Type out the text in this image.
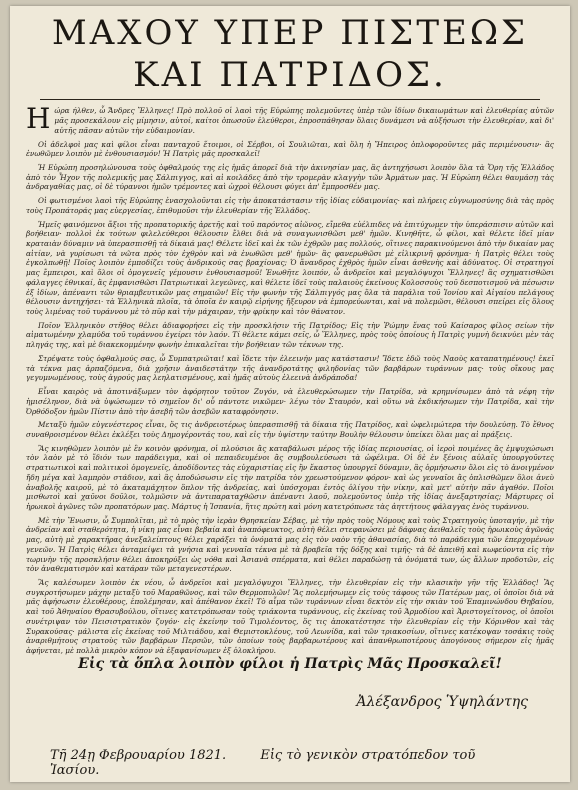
ΜΑΧΟΥ ΥΠΕΡ ΠΙΣΤΕΩΣ
ΚΑΙ ΠΑΤΡΙΔΟΣ.

Ηώρα ήλθεν, ὦ Ἄνδρες Ἕλληνες! Πρὸ πολλοῦ οἱ λαοὶ τῆς Εὐρώπης πολεμοῦντες ὑπὲρ τῶν ἰδίων δικαιωμάτων καὶ ἐλευθερίας αὐτῶν μᾶς προσεκάλουν εἰς μίμησιν, αὐτοί, καίτοι ὁπωσοῦν ἐλεύθεροι, ἐπροσπάθησαν ὅλαις δυνάμεσι νὰ αὐξήσωσι τὴν ἐλευθερίαν, καὶ δι' αὐτῆς πᾶσαν αὐτῶν τὴν εὐδαιμονίαν.

Οἱ ἀδελφοὶ μας καὶ φίλοι εἶναι πανταχοῦ ἕτοιμοι, οἱ Σέρβοι, οἱ Σουλιῶται, καὶ ὅλη ἡ Ἤπειρος ὁπλοφοροῦντες μᾶς περιμένουσιν· ἂς ἑνωθῶμεν λοιπὸν μὲ ἐνθουσιασμόν! Ἡ Πατρὶς μᾶς προσκαλεῖ!

Ἡ Εὐρώπη προσηλώνουσα τοὺς ὀφθαλμούς της εἰς ἡμᾶς ἀπορεῖ διὰ τὴν ἀκινησίαν μας, ἂς ἀντηχήσωσι λοιπὸν ὅλα τὰ Ὄρη τῆς Ἑλλάδος ἀπὸ τὸν Ἦχον τῆς πολεμικῆς μας Σάλπιγγος, καὶ αἱ κοιλάδες ἀπὸ τὴν τρομερὰν κλαγγὴν τῶν Ἀρμάτων μας. Ἡ Εὐρώπη θέλει θαυμάσῃ τὰς ἀνδραγαθίας μας, οἱ δὲ τύραννοι ἡμῶν τρέμοντες καὶ ὠχροὶ θέλουσι φύγει ἀπ' ἔμπροσθέν μας.

Οἱ φωτισμένοι λαοὶ τῆς Εὐρώπης ἐνασχολοῦνται εἰς τὴν ἀποκατάστασιν τῆς ἰδίας εὐδαιμονίας· καὶ πλήρεις εὐγνωμοσύνης διὰ τὰς πρὸς τοὺς Προπάτοράς μας εὐεργεσίας, ἐπιθυμοῦσι τὴν ἐλευθερίαν τῆς Ἑλλάδος.

Ἡμεῖς φαινόμενοι ἄξιοι τῆς προπατορικῆς ἀρετῆς καὶ τοῦ παρόντος αἰῶνος, εἴμεθα εὐέλπιδες νὰ ἐπιτύχωμεν τὴν ὑπεράσπισιν αὐτῶν καὶ βοήθειαν· πολλοὶ ἐκ τούτων φιλελεύθεροι θέλουσιν ἔλθει διὰ νὰ συναγωνισθῶσι μεθ' ἡμῶν. Κινηθῆτε, ὦ φίλοι, καὶ θέλετε ἰδεῖ μίαν κραταιὰν δύναμιν νὰ ὑπερασπισθῇ τὰ δίκαιά μας! Θέλετε ἰδεῖ καὶ ἐκ τῶν ἐχθρῶν μας πολλούς, οἵτινες παρακινούμενοι ἀπὸ τὴν δικαίαν μας αἰτίαν, νὰ γυρίσωσι τὰ νῶτα πρὸς τὸν ἐχθρὸν καὶ νὰ ἑνωθῶσι μεθ' ἡμῶν· ἂς φανερωθῶσι μὲ εἰλικρινῆ φρόνημα· ἡ Πατρὶς θέλει τοὺς ἐγκολπωθῇ! Ποῖος λοιπὸν ἐμποδίζει τοὺς ἀνδρικούς σας βραχίονας; Ὁ ἄνανδρος ἐχθρὸς ἡμῶν εἶναι ἀσθενὴς καὶ ἀδύνατος. Οἱ στρατηγοί μας ἔμπειροι, καὶ ὅλοι οἱ ὁμογενεῖς γέμουσιν ἐνθουσιασμοῦ! Ἑνωθῆτε λοιπόν, ὦ ἀνδρεῖοι καὶ μεγαλόψυχοι Ἕλληνες! ἂς σχηματισθῶσι φάλαγγες ἐθνικαί, ἂς ἐμφανισθῶσι Πατριωτικαὶ λεγεῶνες, καὶ θέλετε ἰδεῖ τοὺς παλαιοὺς ἐκείνους Κολοσσοὺς τοῦ δεσποτισμοῦ νὰ πέσωσιν ἐξ ἰδίων, ἀπέναντι τῶν θριαμβευτικῶν μας σημαιῶν! Εἰς τὴν φωνὴν τῆς Σάλπιγγός μας ὅλα τὰ παράλια τοῦ Ἰονίου καὶ Αἰγαίου πελάγους θέλουσιν ἀντηχήσει· τὰ Ἑλληνικὰ πλοῖα, τὰ ὁποῖα ἐν καιρῷ εἰρήνης ἤξευρον νὰ ἐμπορεύωνται, καὶ νὰ πολεμῶσι, θέλουσι σπείρει εἰς ὅλους τοὺς λιμένας τοῦ τυράννου μὲ τὸ πῦρ καὶ τὴν μάχαιραν, τὴν φρίκην καὶ τὸν θάνατον.

Ποῖον Ἑλληνικὸν στῆθος θέλει ἀδιαφορήσει εἰς τὴν προσκλήσιν τῆς Πατρίδος; Εἰς τὴν Ῥώμην ἕνας τοῦ Καίσαρος φίλος σείων τὴν αἱματωμένην χλαμύδα τοῦ τυράννου ἐγείρει τὸν λαόν. Τί θέλετε κάμει σεῖς, ὦ Ἕλληνες, πρὸς τοὺς ὁποίους ἡ Πατρὶς γυμνὴ δεικνύει μὲν τὰς πληγάς της, καὶ μὲ διακεκομμένην φωνὴν ἐπικαλεῖται τὴν βοήθειαν τῶν τέκνων της.

Στρέψατε τοὺς ὀφθαλμούς σας, ὦ Συμπατριῶται! καὶ ἴδετε τὴν ἐλεεινήν μας κατάστασιν! Ἴδετε ἐδῶ τοὺς Ναοὺς καταπατημένους! ἐκεῖ τὰ τέκνα μας ἁρπαζόμενα, διὰ χρῆσιν ἀναιδεστάτην τῆς ἀνανδροτάτης φιληδονίας τῶν βαρβάρων τυράννων μας· τοὺς οἴκους μας γεγυμνωμένους, τοὺς ἀγρούς μας λεηλατισμένους, καὶ ἡμᾶς αὐτοὺς ἐλεεινὰ ἀνδράποδα!

Εἶναι καιρὸς νὰ ἀποτινάξωμεν τὸν ἀφόρητον τοῦτον Ζυγόν, νὰ ἐλευθερώσωμεν τὴν Πατρίδα, νὰ κρημνίσωμεν ἀπὸ τὰ νέφη τὴν ἡμισέληνον, διὰ νὰ ὑψώσωμεν τὸ σημεῖον δι' οὗ πάντοτε νικῶμεν· λέγω τὸν Σταυρόν, καὶ οὕτω νὰ ἐκδικήσωμεν τὴν Πατρίδα, καὶ τὴν Ὀρθόδοξον ἡμῶν Πίστιν ἀπὸ τὴν ἀσεβῆ τῶν ἀσεβῶν καταφρόνησιν.

Μεταξὺ ἡμῶν εὐγενέστερος εἶναι, ὅς τις ἀνδρειοτέρως ὑπερασπισθῇ τὰ δίκαια τῆς Πατρίδος, καὶ ὠφελιμώτερα τὴν δουλεύσῃ. Τὸ ἔθνος συναθροισμένον θέλει ἐκλέξει τοὺς Δημογέροντάς του, καὶ εἰς τὴν ὑψίστην ταύτην Βουλὴν θέλουσιν ὑπείκει ὅλαι μας αἱ πράξεις.

Ἂς κινηθῶμεν λοιπὸν μὲ ἓν κοινὸν φρόνημα, οἱ πλούσιοι ἂς καταβάλωσι μέρος τῆς ἰδίας περιουσίας, οἱ ἱεροὶ ποιμένες ἂς ἐμψυχώσωσι τὸν λαὸν μὲ τὸ ἴδιόν των παράδειγμα, καὶ οἱ πεπαιδευμένοι ἂς συμβουλεύσωσι τὰ ὠφέλιμα. Οἱ δὲ ἐν ξένοις αὐλαῖς ὑπουργοῦντες στρατιωτικοὶ καὶ πολιτικοὶ ὁμογενεῖς, ἀποδίδοντες τὰς εὐχαριστίας εἰς ἣν ἕκαστος ὑπουργεῖ δύναμιν, ἂς ὁρμήσωσιν ὅλοι εἰς τὸ ἀνοιγμένον ἤδη μέγα καὶ λαμπρὸν στάδιον, καὶ ἂς ἀποδώσωσιν εἰς τὴν πατρίδα τὸν χρεωστούμενον φόρον· καὶ ὡς γενναῖοι ἂς ὁπλισθῶμεν ὅλοι ἀνεὺ ἀναβολῆς καιροῦ, μὲ τὸ ἀκαταμάχητον ὅπλον τῆς ἀνδρείας, καὶ ὑπόσχομαι ἐντὸς ὀλίγου τὴν νίκην, καὶ μετ' αὐτὴν πᾶν ἀγαθόν. Ποῖοι μισθωτοὶ καὶ χαῦνοι δοῦλοι, τολμῶσιν νὰ ἀντιπαραταχθῶσιν ἀπέναντι λαοῦ, πολεμοῦντος ὑπὲρ τῆς ἰδίας ἀνεξαρτησίας; Μάρτυρες οἱ ἡρωικοὶ ἀγῶνες τῶν προπατόρων μας. Μάρτυς ἡ Ἱσπανία, ἥτις πρώτη καὶ μόνη κατετρόπωσε τὰς ἀηττήτους φάλαγγας ἑνὸς τυράννου.

Μὲ τὴν Ἕνωσιν, ὦ Συμπολῖται, μὲ τὸ πρὸς τὴν ἱερὰν Θρησκείαν Σέβας, μὲ τὴν πρὸς τοὺς Νόμους καὶ τοὺς Στρατηγοὺς ὑποταγήν, μὲ τὴν ἀνδρείαν καὶ σταθερότητα, ἡ νίκη μας εἶναι βεβαία καὶ ἀναπόφευκτος, αὐτὴ θέλει στεφανώσει μὲ δάφνας ἀειθαλεῖς τοὺς ἡρωικοὺς ἀγῶνάς μας, αὐτὴ μὲ χαρακτῆρας ἀνεξαλείπτους θέλει χαράξει τὰ ὀνόματά μας εἰς τὸν ναὸν τῆς ἀθανασίας, διὰ τὸ παράδειγμα τῶν ἐπερχομένων γενεῶν. Ἡ Πατρὶς θέλει ἀνταμείψει τὰ γνήσια καὶ γενναῖα τέκνα μὲ τὰ βραβεῖα τῆς δόξης καὶ τιμῆς· τὰ δὲ ἀπειθῆ καὶ κωφεύοντα εἰς τὴν τωρινὴν τῆς προσκλήσιν θέλει ἀποκηρύξει ὡς νόθα καὶ Ἀσιανὰ σπέρματα, καὶ θέλει παραδώσῃ τὰ ὀνόματά των, ὡς ἄλλων προδοτῶν, εἰς τὸν ἀναθεματισμὸν καὶ κατάραν τῶν μεταγενεστέρων.

Ἂς καλέσωμεν λοιπὸν ἐκ νέου, ὦ ἀνδρεῖοι καὶ μεγαλόψυχοι Ἕλληνες, τὴν ἐλευθερίαν εἰς τὴν κλασικὴν γῆν τῆς Ἑλλάδος! Ἂς συγκροτήσωμεν μάχην μεταξὺ τοῦ Μαραθῶνος, καὶ τῶν Θερμοπυλῶν! Ἂς πολεμήσωμεν εἰς τοὺς τάφους τῶν Πατέρων μας, οἱ ὁποῖοι διὰ νὰ μᾶς ἀφήσωσιν ἐλευθέρους, ἐπολέμησαν, καὶ ἀπέθανον ἐκεῖ! Τὸ αἷμα τῶν τυράννων εἶναι δεκτὸν εἰς τὴν σκιὰν τοῦ Ἐπαμινώνδου Θηβαίου, καὶ τοῦ Ἀθηναίου Θρασυβούλου, οἵτινες κατετρόπωσαν τοὺς τριάκοντα τυράννους, εἰς ἐκείνας τοῦ Ἁρμοδίου καὶ Ἀριστογείτονος, οἱ ὁποῖοι συνέτριψαν τὸν Πεισιστρατικὸν ζυγόν· εἰς ἐκείνην τοῦ Τιμολέοντος, ὅς τις ἀποκατέστησε τὴν ἐλευθερίαν εἰς τὴν Κόρινθον καὶ τὰς Συρακούσας· μάλιστα εἰς ἐκείνας τοῦ Μιλτιάδου, καὶ Θεμιστοκλέους, τοῦ Λεωνίδα, καὶ τῶν τριακοσίων, οἵτινες κατέκοψαν τοσάκις τοὺς ἀναριθμήτους στρατοὺς τῶν βαρβάρων Περσῶν, τῶν ὁποίων τοὺς βαρβαρωτέρους καὶ ἀπανθρωποτέρους ἀπογόνους σήμερον εἰς ἡμᾶς ἀφήνεται, μὲ πολλὰ μικρὸν κόπον νὰ ἐξαφανίσωμεν ἐξ ὁλοκλήρου.

Εἰς τὰ ὅπλα λοιπὸν φίλοι ἡ Πατρὶς Μᾶς Προσκαλεῖ!
Ἀλέξανδρος Ὑψηλάντης
Τῆ 24ῃ Φεβρουαρίου 1821.	Εἰς τὸ γενικὸν στρατόπεδον τοῦ Ἰασίου.
